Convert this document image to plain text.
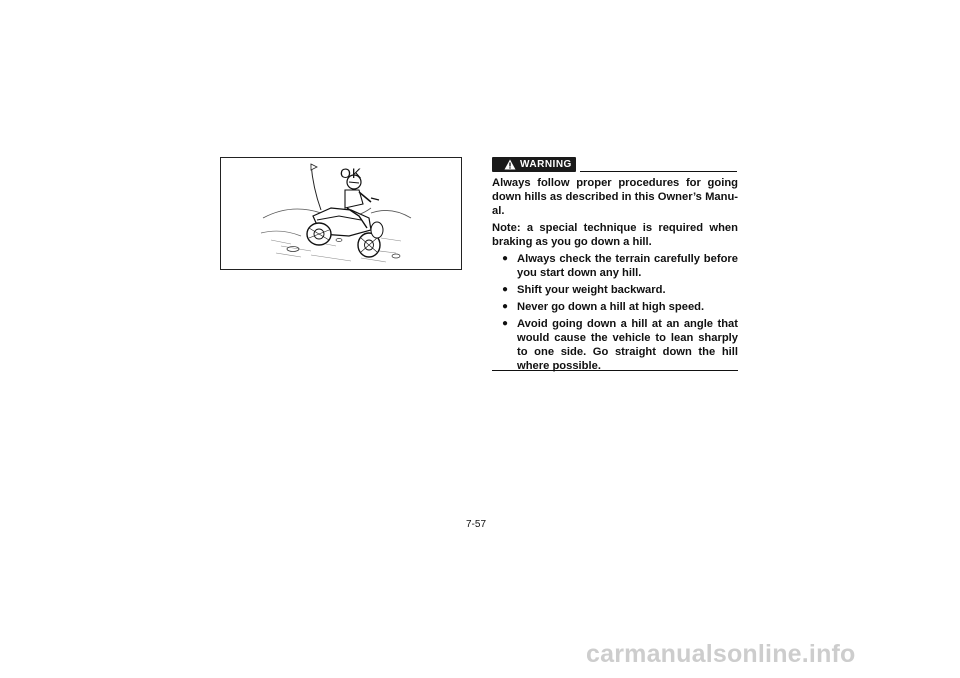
OK
WARNING

Always follow proper procedures for going down hills as described in this Owner’s Manu-al.

Note: a special technique is required when braking as you go down a hill.

● Always check the terrain carefully before you start down any hill.
● Shift your weight backward.
● Never go down a hill at high speed.
● Avoid going down a hill at an angle that would cause the vehicle to lean sharply to one side. Go straight down the hill where possible.
7-57
carmanualsonline.info
